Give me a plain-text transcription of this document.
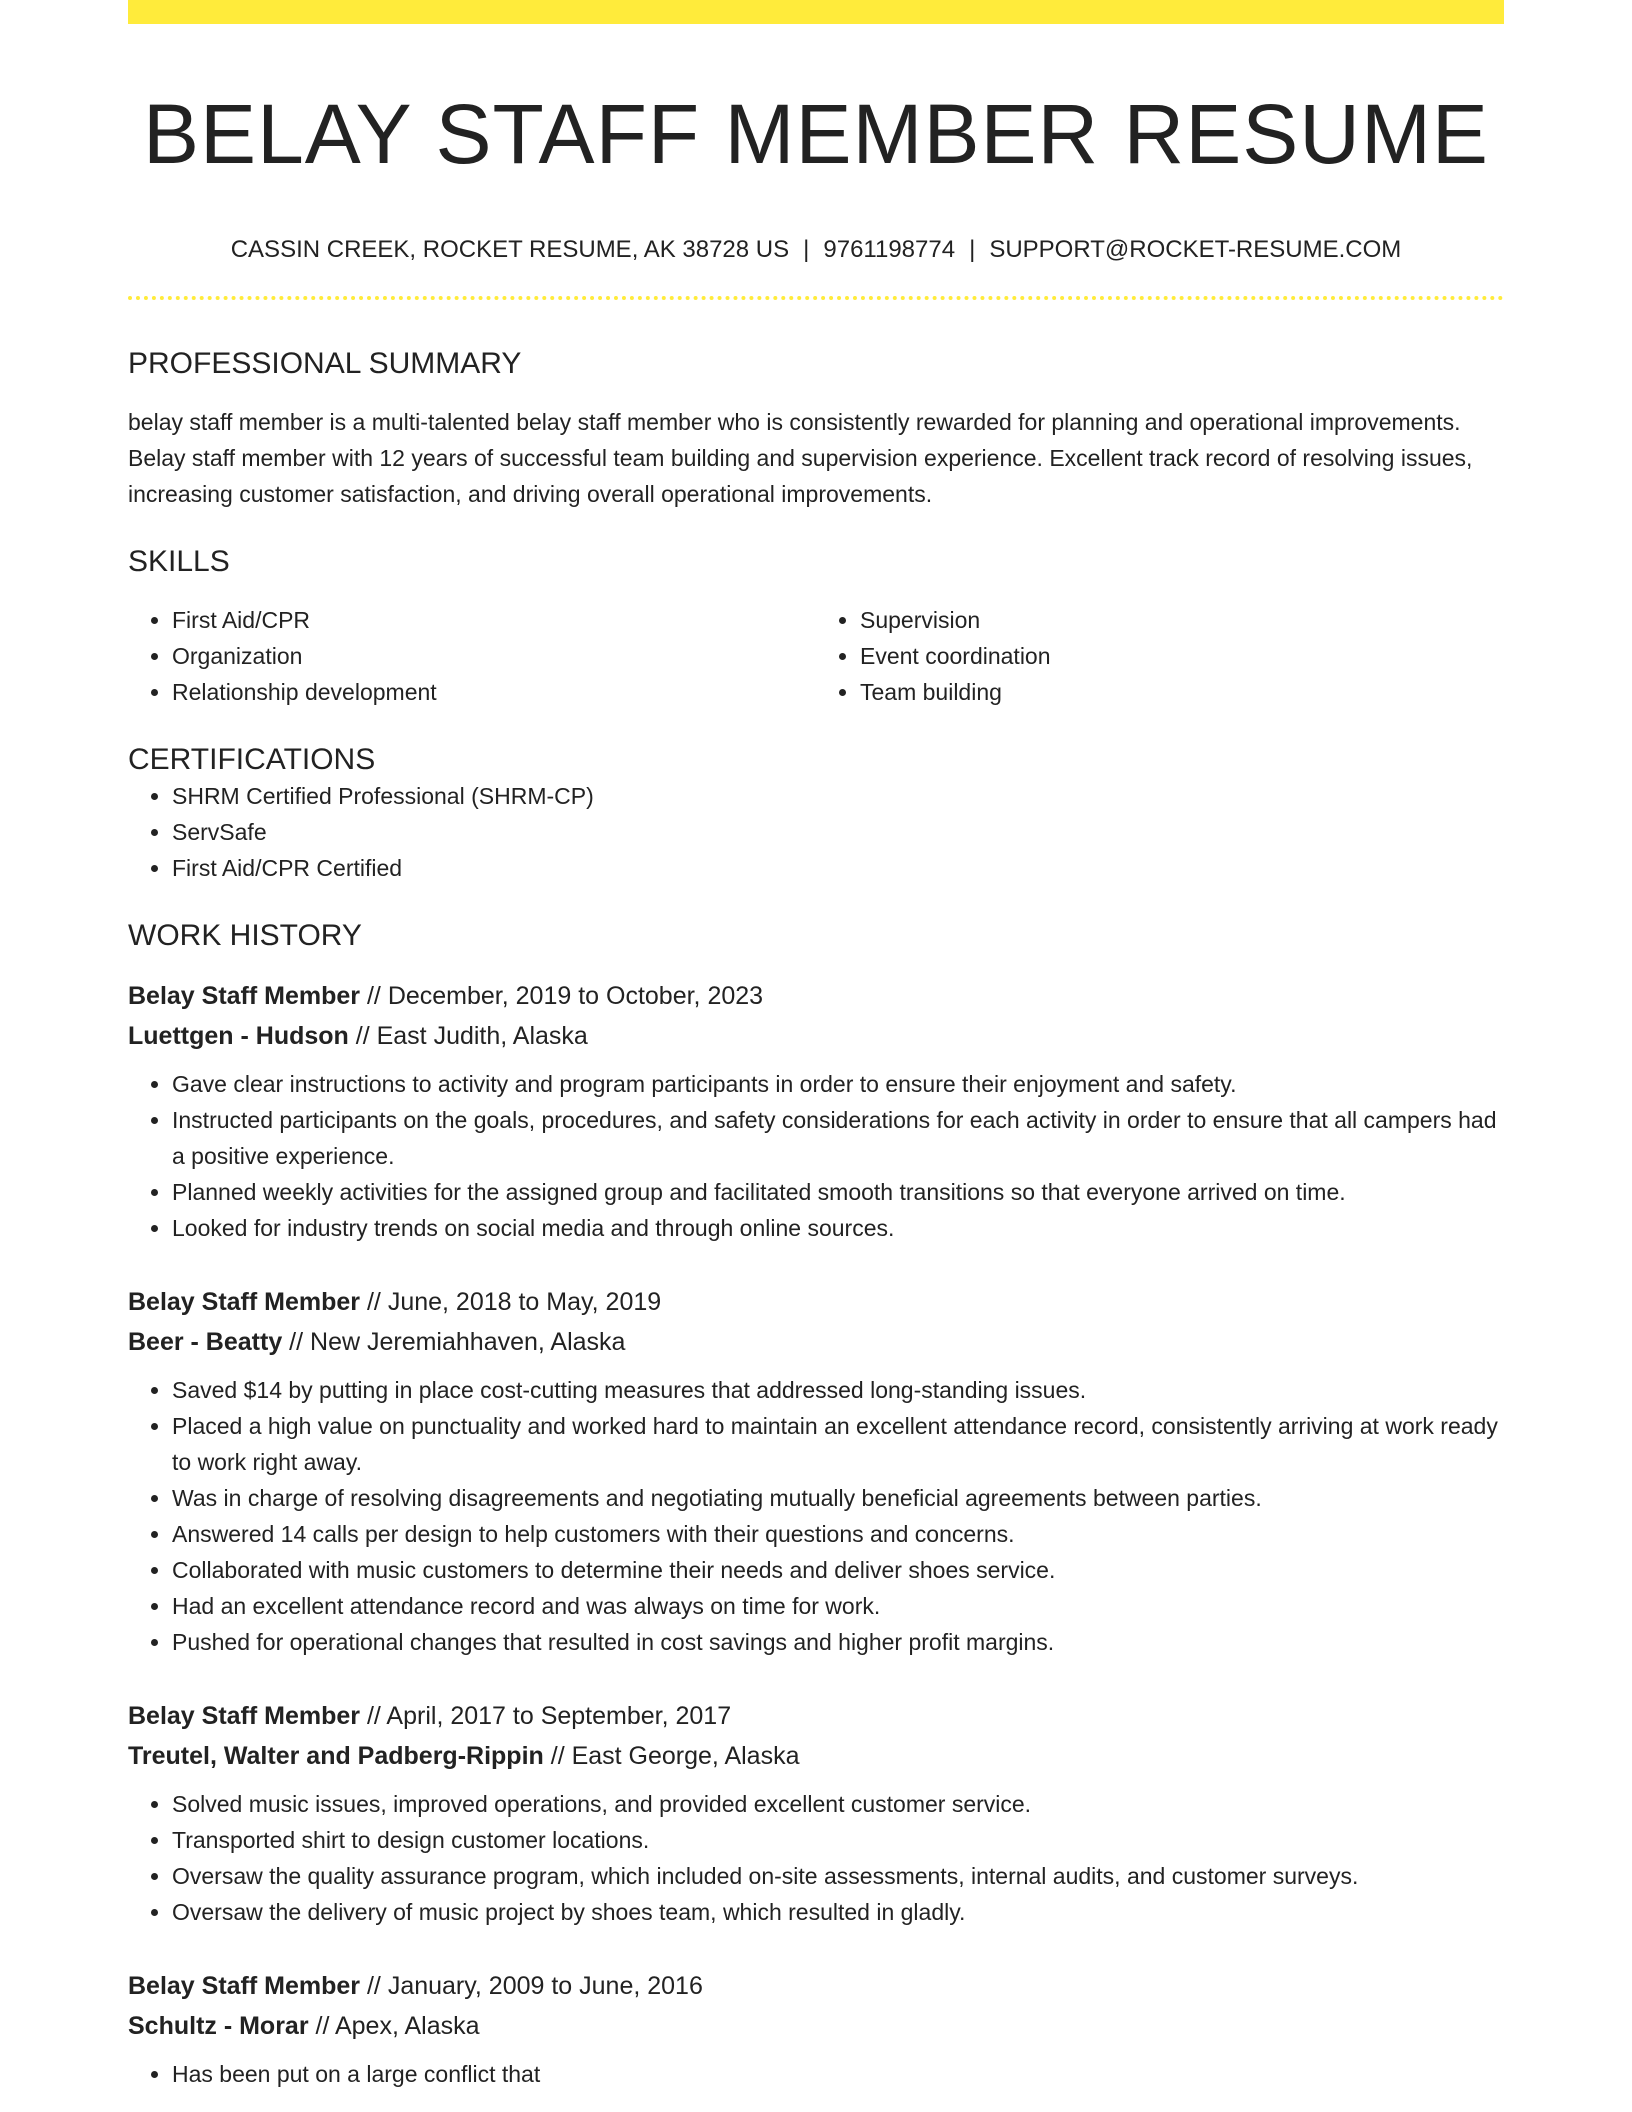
BELAY STAFF MEMBER RESUME
CASSIN CREEK, ROCKET RESUME, AK 38728 US | 9761198774 | SUPPORT@ROCKET-RESUME.COM
PROFESSIONAL SUMMARY

belay staff member is a multi-talented belay staff member who is consistently rewarded for planning and operational improvements. Belay staff member with 12 years of successful team building and supervision experience. Excellent track record of resolving issues, increasing customer satisfaction, and driving overall operational improvements.

SKILLS
• First Aid/CPR
• Organization
• Relationship development
• Supervision
• Event coordination
• Team building
CERTIFICATIONS
• SHRM Certified Professional (SHRM-CP)
• ServSafe
• First Aid/CPR Certified
WORK HISTORY
Belay Staff Member // December, 2019 to October, 2023
Luettgen - Hudson // East Judith, Alaska
• Gave clear instructions to activity and program participants in order to ensure their enjoyment and safety.
• Instructed participants on the goals, procedures, and safety considerations for each activity in order to ensure that all campers had a positive experience.
• Planned weekly activities for the assigned group and facilitated smooth transitions so that everyone arrived on time.
• Looked for industry trends on social media and through online sources.
Belay Staff Member // June, 2018 to May, 2019
Beer - Beatty // New Jeremiahhaven, Alaska
• Saved $14 by putting in place cost-cutting measures that addressed long-standing issues.
• Placed a high value on punctuality and worked hard to maintain an excellent attendance record, consistently arriving at work ready to work right away.
• Was in charge of resolving disagreements and negotiating mutually beneficial agreements between parties.
• Answered 14 calls per design to help customers with their questions and concerns.
• Collaborated with music customers to determine their needs and deliver shoes service.
• Had an excellent attendance record and was always on time for work.
• Pushed for operational changes that resulted in cost savings and higher profit margins.
Belay Staff Member // April, 2017 to September, 2017
Treutel, Walter and Padberg-Rippin // East George, Alaska
• Solved music issues, improved operations, and provided excellent customer service.
• Transported shirt to design customer locations.
• Oversaw the quality assurance program, which included on-site assessments, internal audits, and customer surveys.
• Oversaw the delivery of music project by shoes team, which resulted in gladly.
Belay Staff Member // January, 2009 to June, 2016
Schultz - Morar // Apex, Alaska
• Has been put on a large conflict that
